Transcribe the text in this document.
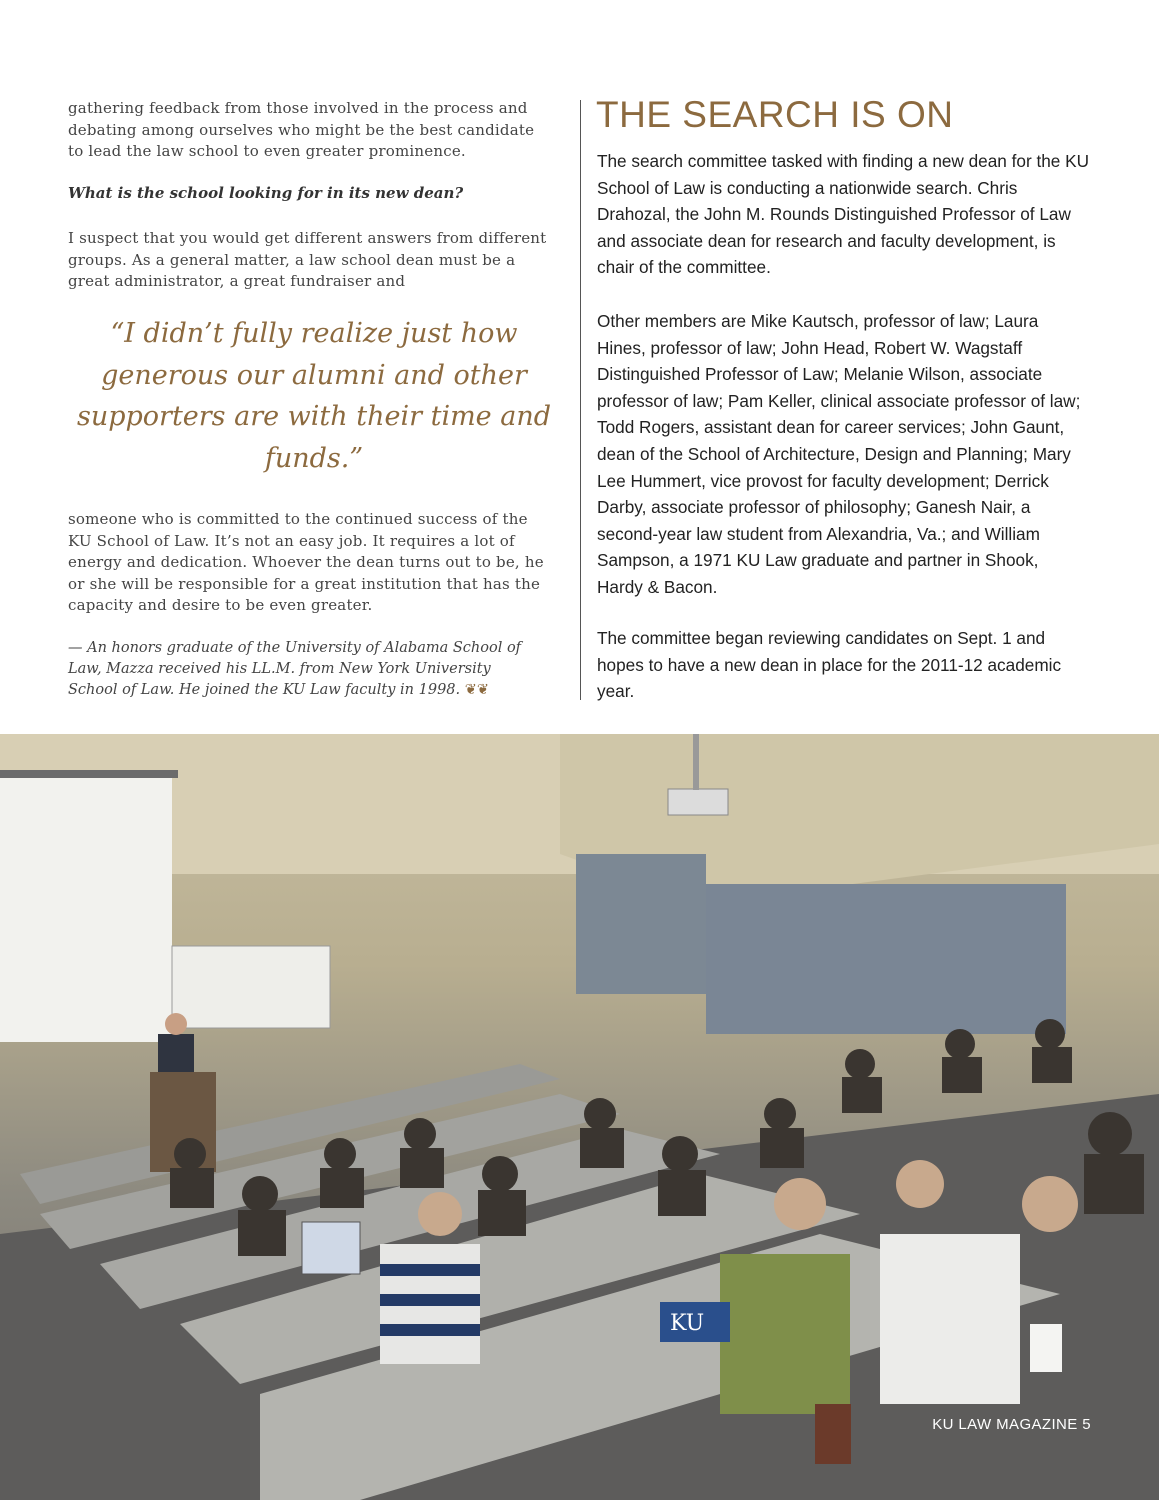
gathering feedback from those involved in the process and debating among ourselves who might be the best candidate to lead the law school to even greater prominence.

What is the school looking for in its new dean?

I suspect that you would get different answers from different groups. As a general matter, a law school dean must be a great administrator, a great fundraiser and

“I didn’t fully realize just how generous our alumni and other supporters are with their time and funds.”

someone who is committed to the continued success of the KU School of Law. It’s not an easy job. It requires a lot of energy and dedication. Whoever the dean turns out to be, he or she will be responsible for a great institution that has the capacity and desire to be even greater.

— An honors graduate of the University of Alabama School of Law, Mazza received his LL.M. from New York University School of Law. He joined the KU Law faculty in 1998. ❦❦
THE SEARCH IS ON

The search committee tasked with finding a new dean for the KU School of Law is conducting a nationwide search. Chris Drahozal, the John M. Rounds Distinguished Professor of Law and associate dean for research and faculty development, is chair of the committee.

Other members are Mike Kautsch, professor of law; Laura Hines, professor of law; John Head, Robert W. Wagstaff Distinguished Professor of Law; Melanie Wilson, associate professor of law; Pam Keller, clinical associate professor of law; Todd Rogers, assistant dean for career services; John Gaunt, dean of the School of Architecture, Design and Planning; Mary Lee Hummert, vice provost for faculty development; Derrick Darby, associate professor of philosophy; Ganesh Nair, a second-year law student from Alexandria, Va.; and William Sampson, a 1971 KU Law graduate and partner in Shook, Hardy & Bacon.

The committee began reviewing candidates on Sept. 1 and hopes to have a new dean in place for the 2011-12 academic year.

KU
KU LAW MAGAZINE 5
